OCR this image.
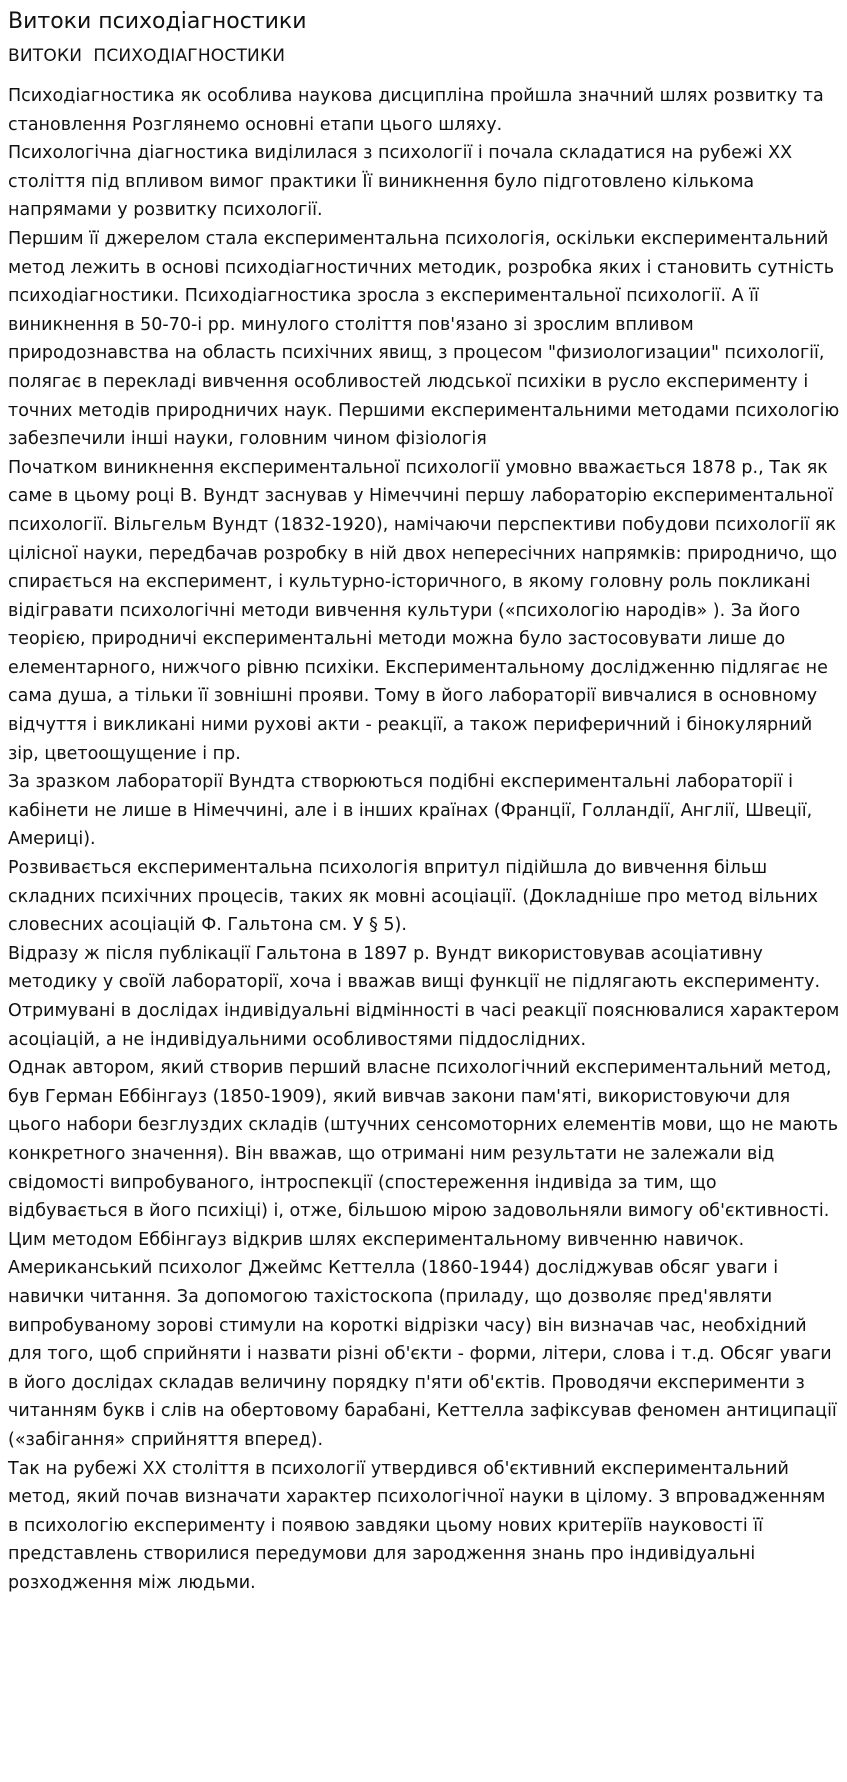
Витоки психодіагностики
ВИТОКИ  ПСИХОДІАГНОСТИКИ

Психодіагностика як особлива наукова дисципліна пройшла значний шлях розвитку та становлення Розглянемо основні етапи цього шляху.

Психологічна діагностика виділилася з психології і почала складатися на рубежі ХХ століття під впливом вимог практики Її виникнення було підготовлено кількома напрямами у розвитку психології.

Першим її джерелом стала експериментальна психологія, оскільки експериментальний метод лежить в основі психодіагностичних методик, розробка яких і становить сутність психодіагностики. Психодіагностика зросла з експериментальної психології. А її виникнення в 50-70-і рр. минулого століття пов'язано зі зрослим впливом природознавства на область психічних явищ, з процесом "физиологизации" психології, полягає в перекладі вивчення особливостей людської психіки в русло експерименту і точних методів природничих наук. Першими експериментальними методами психологію забезпечили інші науки, головним чином фізіологія

Початком виникнення експериментальної психології умовно вважається 1878 р., Так як саме в цьому році В. Вундт заснував у Німеччині першу лабораторію експериментальної психології. Вільгельм Вундт (1832-1920), намічаючи перспективи побудови психології як цілісної науки, передбачав розробку в ній двох непересічних напрямків: природничо, що спирається на експеримент, і культурно-історичного, в якому головну роль покликані відігравати психологічні методи вивчення культури («психологію народів» ). За його теорією, природничі експериментальні методи можна було застосовувати лише до елементарного, нижчого рівню психіки. Експериментальному дослідженню підлягає не сама душа, а тільки її зовнішні прояви. Тому в його лабораторії вивчалися в основному відчуття і викликані ними рухові акти - реакції, а також периферичний і бінокулярний зір, цветоощущение і пр.

За зразком лабораторії Вундта створюються подібні експериментальні лабораторії і кабінети не лише в Німеччині, але і в інших країнах (Франції, Голландії, Англії, Швеції, Америці).

Розвивається експериментальна психологія впритул підійшла до вивчення більш складних психічних процесів, таких як мовні асоціації. (Докладніше про метод вільних словесних асоціацій Ф. Гальтона см. У § 5).

Відразу ж після публікації Гальтона в 1897 р. Вундт використовував асоціативну методику у своїй лабораторії, хоча і вважав вищі функції не підлягають експерименту. Отримувані в дослідах індивідуальні відмінності в часі реакції пояснювалися характером асоціацій, а не індивідуальними особливостями піддослідних.

Однак автором, який створив перший власне психологічний експериментальний метод, був Герман Еббінгауз (1850-1909), який вивчав закони пам'яті, використовуючи для цього набори безглуздих складів (штучних сенсомоторних елементів мови, що не мають конкретного значення). Він вважав, що отримані ним результати не залежали від свідомості випробуваного, інтроспекції (спостереження індивіда за тим, що відбувається в його психіці) і, отже, більшою мірою задовольняли вимогу об'єктивності. Цим методом Еббінгауз відкрив шлях експериментальному вивченню навичок.

Американський психолог Джеймс Кеттелла (1860-1944) досліджував обсяг уваги і навички читання. За допомогою тахістоскопа (приладу, що дозволяє пред'являти випробуваному зорові стимули на короткі відрізки часу) він визначав час, необхідний для того, щоб сприйняти і назвати різні об'єкти - форми, літери, слова і т.д. Обсяг уваги в його дослідах складав величину порядку п'яти об'єктів. Проводячи експерименти з читанням букв і слів на обертовому барабані, Кеттелла зафіксував феномен антиципації («забігання» сприйняття вперед).

Так на рубежі ХХ століття в психології утвердився об'єктивний експериментальний метод, який почав визначати характер психологічної науки в цілому. З впровадженням в психологію експерименту і появою завдяки цьому нових критеріїв науковості її представлень створилися передумови для зародження знань про індивідуальні розходження між людьми.
